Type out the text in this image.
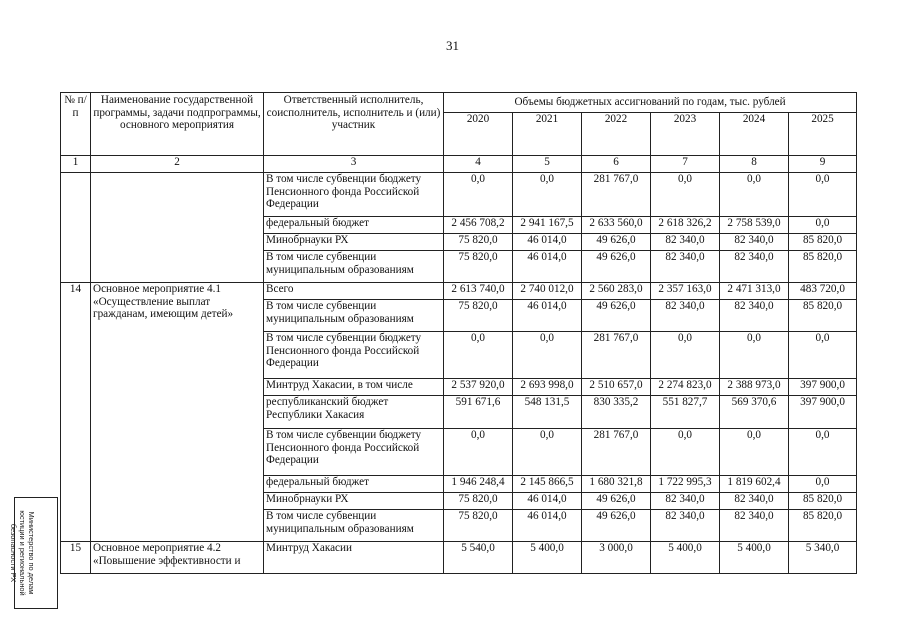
31
№ п/п	Наименование государственной программы, задачи подпрограммы, основного мероприятия	Ответственный исполнитель, соисполнитель, исполнитель и (или) участник	Объемы бюджетных ассигнований по годам, тыс. рублей					
			2020	2021	2022	2023	2024	2025
1	2	3	4	5	6	7	8	9
		В том числе субвенции бюджету Пенсионного фонда Российской Федерации	0,0	0,0	281 767,0	0,0	0,0	0,0
		федеральный бюджет	2 456 708,2	2 941 167,5	2 633 560,0	2 618 326,2	2 758 539,0	0,0
		Минобрнауки РХ	75 820,0	46 014,0	49 626,0	82 340,0	82 340,0	85 820,0
		В том числе субвенции муниципальным образованиям	75 820,0	46 014,0	49 626,0	82 340,0	82 340,0	85 820,0
14	Основное мероприятие 4.1 «Осуществление выплат гражданам, имеющим детей»	Всего	2 613 740,0	2 740 012,0	2 560 283,0	2 357 163,0	2 471 313,0	483 720,0
		В том числе субвенции муниципальным образованиям	75 820,0	46 014,0	49 626,0	82 340,0	82 340,0	85 820,0
		В том числе субвенции бюджету Пенсионного фонда Российской Федерации	0,0	0,0	281 767,0	0,0	0,0	0,0
		Минтруд Хакасии, в том числе	2 537 920,0	2 693 998,0	2 510 657,0	2 274 823,0	2 388 973,0	397 900,0
		республиканский бюджет Республики Хакасия	591 671,6	548 131,5	830 335,2	551 827,7	569 370,6	397 900,0
		В том числе субвенции бюджету Пенсионного фонда Российской Федерации	0,0	0,0	281 767,0	0,0	0,0	0,0
		федеральный бюджет	1 946 248,4	2 145 866,5	1 680 321,8	1 722 995,3	1 819 602,4	0,0
		Минобрнауки РХ	75 820,0	46 014,0	49 626,0	82 340,0	82 340,0	85 820,0
		В том числе субвенции муниципальным образованиям	75 820,0	46 014,0	49 626,0	82 340,0	82 340,0	85 820,0
15	Основное мероприятие 4.2 «Повышение эффективности и	Минтруд Хакасии	5 540,0	5 400,0	3 000,0	5 400,0	5 400,0	5 340,0
Министерство по делам
юстиции и региональной
безопасности РХ
